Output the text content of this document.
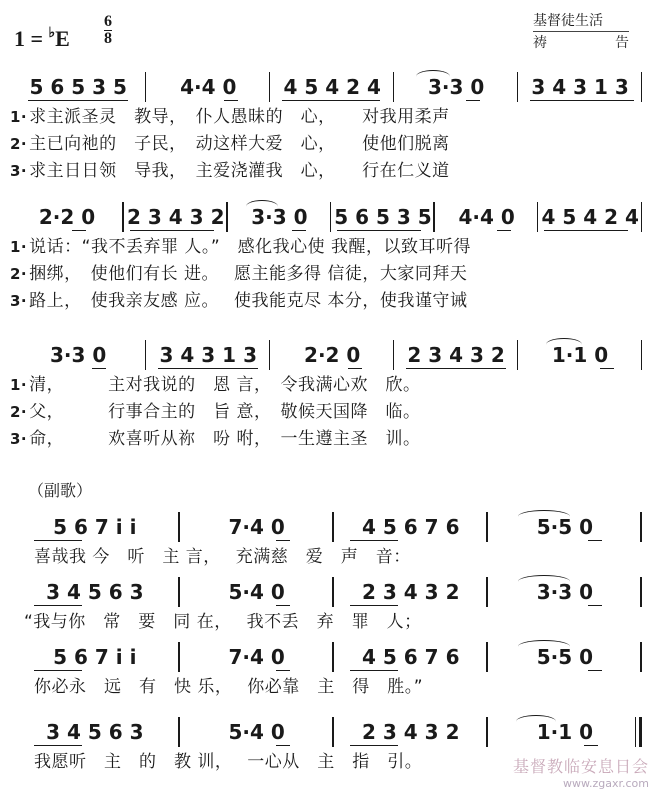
1 = ♭E
6
8
基督徒生活
祷　　告
5 6 5 3 5	4·4 0 4 5 4 2 4 3·3 0 3 4 3 1 3
1· 求主派圣灵　教导，　仆人愚昧的　心，　　对我用柔声
2· 主已向祂的　子民，　动这样大爱　心，　　使他们脱离
3· 求主日日领　导我，　主爱浇灌我　心，　　行在仁义道
2·2 0 2 3 4 3 2 3·3 0 5 6 5 3 5 4·4 0 4 5 4 2 4
1· 说话：“我不丢弃罪 人。”　感化我心使 我醒，以致耳听得
2· 捆绑，　使他们有长 进。　 愿主能多得 信徒，大家同拜天
3· 路上，　使我亲友感 应。　 使我能克尽 本分，使我谨守诫
3·3 0	3 4 3 1 3 2·2 0 2 3 4 3 2 1·1 0
1· 清，　　　主对我说的　恩 言，　令我满心欢　欣。
2· 父，　　　行事合主的　旨 意，　敬候天国降　临。
3· 命，　　　欢喜听从祢　吩 咐，　一生遵主圣　训。
（副歌）
5 6 7 i i	7·4 0	4 5 6 7 6	5·5 0
喜哉我 今　听　主 言，　 充满慈　爱　声　音：
3 4 5 6 3	5·4 0	2 3 4 3 2	3·3 0
“我与你　常　要　同 在，　 我不丢　弃　罪　人；
5 6 7 i i	7·4 0	4 5 6 7 6	5·5 0
你必永　远　有　快 乐，　 你必靠　主　得　胜。”
3 4 5 6 3	5·4 0	2 3 4 3 2	1·1 0
我愿听　主　的　教 训，　 一心从　主　指　引。	基督教临安息日会
www.zgaxr.com
